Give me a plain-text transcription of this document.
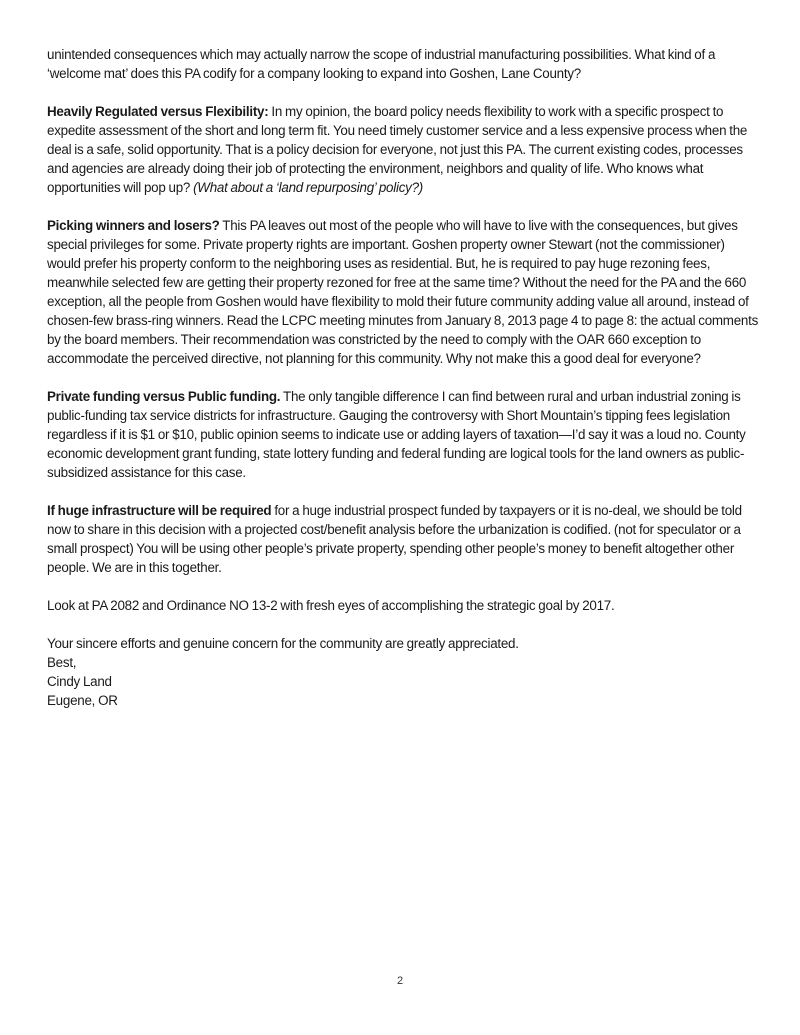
unintended consequences which may actually narrow the scope of industrial manufacturing possibilities. What kind of a ‘welcome mat’ does this PA codify for a company looking to expand into Goshen, Lane County?

Heavily Regulated versus Flexibility: In my opinion, the board policy needs flexibility to work with a specific prospect to expedite assessment of the short and long term fit. You need timely customer service and a less expensive process when the deal is a safe, solid opportunity. That is a policy decision for everyone, not just this PA. The current existing codes, processes and agencies are already doing their job of protecting the environment, neighbors and quality of life. Who knows what opportunities will pop up? (What about a ‘land repurposing’ policy?)

Picking winners and losers? This PA leaves out most of the people who will have to live with the consequences, but gives special privileges for some. Private property rights are important. Goshen property owner Stewart (not the commissioner) would prefer his property conform to the neighboring uses as residential. But, he is required to pay huge rezoning fees, meanwhile selected few are getting their property rezoned for free at the same time? Without the need for the PA and the 660 exception, all the people from Goshen would have flexibility to mold their future community adding value all around, instead of chosen-few brass-ring winners. Read the LCPC meeting minutes from January 8, 2013 page 4 to page 8: the actual comments by the board members. Their recommendation was constricted by the need to comply with the OAR 660 exception to accommodate the perceived directive, not planning for this community. Why not make this a good deal for everyone?

Private funding versus Public funding. The only tangible difference I can find between rural and urban industrial zoning is public-funding tax service districts for infrastructure. Gauging the controversy with Short Mountain’s tipping fees legislation regardless if it is $1 or $10, public opinion seems to indicate use or adding layers of taxation—I’d say it was a loud no. County economic development grant funding, state lottery funding and federal funding are logical tools for the land owners as public-subsidized assistance for this case.

If huge infrastructure will be required for a huge industrial prospect funded by taxpayers or it is no-deal, we should be told now to share in this decision with a projected cost/benefit analysis before the urbanization is codified. (not for speculator or a small prospect) You will be using other people’s private property, spending other people’s money to benefit altogether other people. We are in this together.

Look at PA 2082 and Ordinance NO 13-2 with fresh eyes of accomplishing the strategic goal by 2017.

Your sincere efforts and genuine concern for the community are greatly appreciated.

Best,
Cindy Land
Eugene, OR
2
